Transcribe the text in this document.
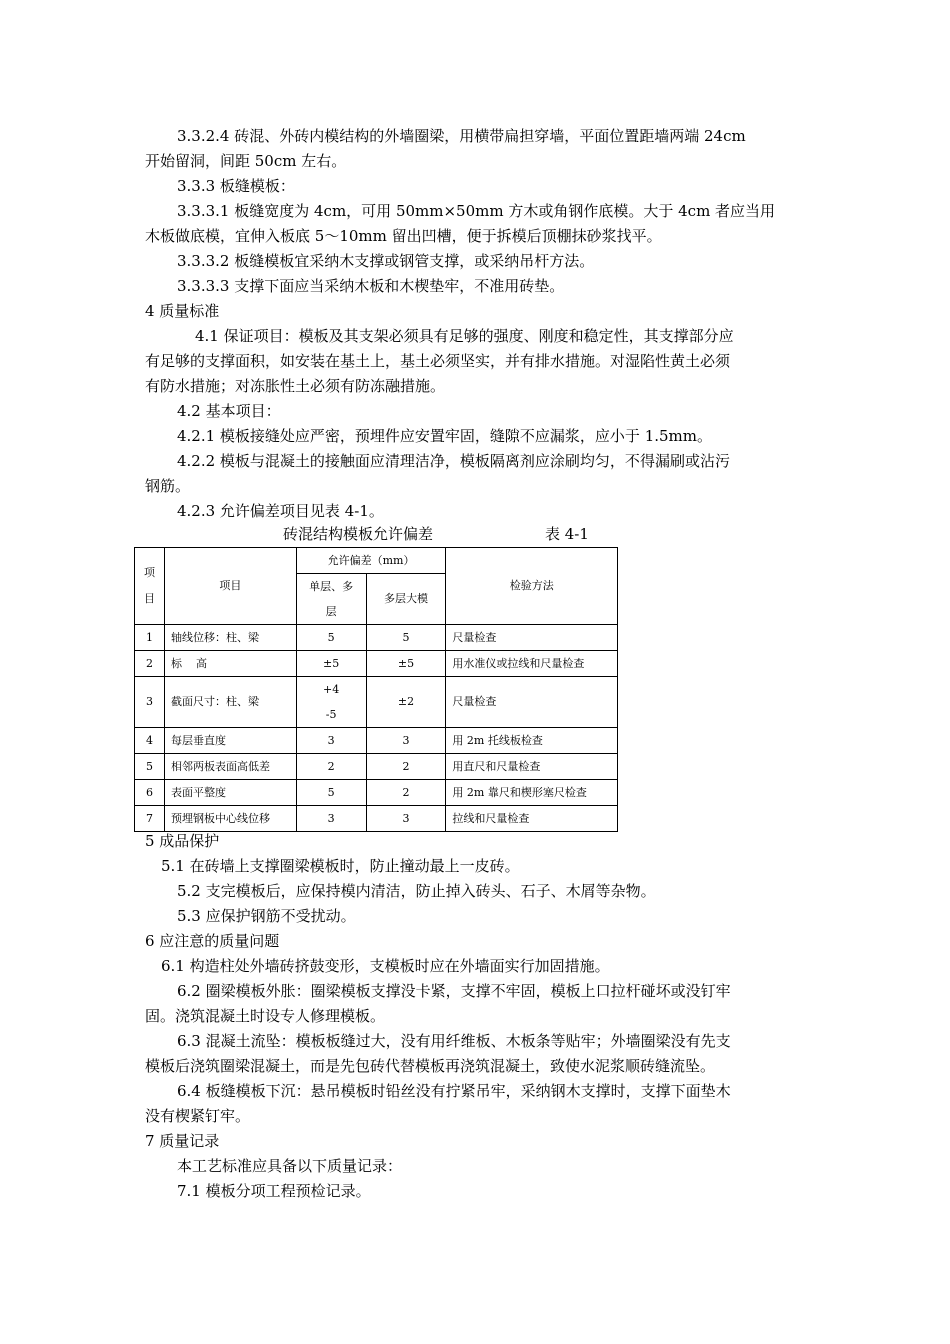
3.3.2.4 砖混、外砖内模结构的外墙圈梁，用横带扁担穿墙，平面位置距墙两端 24cm
开始留洞，间距 50cm 左右。
3.3.3 板缝模板：
3.3.3.1 板缝宽度为 4cm，可用 50mm×50mm 方木或角钢作底模。大于 4cm 者应当用
木板做底模，宜伸入板底 5～10mm 留出凹槽，便于拆模后顶棚抹砂浆找平。
3.3.3.2 板缝模板宜采纳木支撑或钢管支撑，或采纳吊杆方法。
3.3.3.3 支撑下面应当采纳木板和木楔垫牢，不准用砖垫。
4 质量标准
4.1 保证项目：模板及其支架必须具有足够的强度、刚度和稳定性，其支撑部分应
有足够的支撑面积，如安装在基土上，基土必须坚实，并有排水措施。对湿陷性黄土必须
有防水措施；对冻胀性土必须有防冻融措施。
4.2 基本项目：
4.2.1 模板接缝处应严密，预埋件应安置牢固，缝隙不应漏浆，应小于 1.5mm。
4.2.2 模板与混凝土的接触面应清理洁净，模板隔离剂应涂刷均匀，不得漏刷或沾污
钢筋。
4.2.3 允许偏差项目见表 4-1。
砖混结构模板允许偏差	表 4-1
项
目	项目	允许偏差（mm）		检验方法

		单层、多
层	多层大模	

1	轴线位移：柱、梁	5	5	尺量检查
2	标    高	±5	±5	用水准仪或拉线和尺量检查
3	截面尺寸：柱、梁	+4
-5	±2	尺量检查
4	每层垂直度	3	3	用 2m 托线板检查
5	相邻两板表面高低差	2	2	用直尺和尺量检查
6	表面平整度	5	2	用 2m 靠尺和楔形塞尺检查
7	预埋钢板中心线位移	3	3	拉线和尺量检查
5 成品保护
5.1 在砖墙上支撑圈梁模板时，防止撞动最上一皮砖。
5.2 支完模板后，应保持模内清洁，防止掉入砖头、石子、木屑等杂物。
5.3 应保护钢筋不受扰动。
6 应注意的质量问题
6.1 构造柱处外墙砖挤鼓变形，支模板时应在外墙面实行加固措施。
6.2 圈梁模板外胀：圈梁模板支撑没卡紧，支撑不牢固，模板上口拉杆碰坏或没钉牢
固。浇筑混凝土时设专人修理模板。
6.3 混凝土流坠：模板板缝过大，没有用纤维板、木板条等贴牢；外墙圈梁没有先支
模板后浇筑圈梁混凝土，而是先包砖代替模板再浇筑混凝土，致使水泥浆顺砖缝流坠。
6.4 板缝模板下沉：悬吊模板时铅丝没有拧紧吊牢，采纳钢木支撑时，支撑下面垫木
没有楔紧钉牢。
7 质量记录
本工艺标准应具备以下质量记录：
7.1 模板分项工程预检记录。
